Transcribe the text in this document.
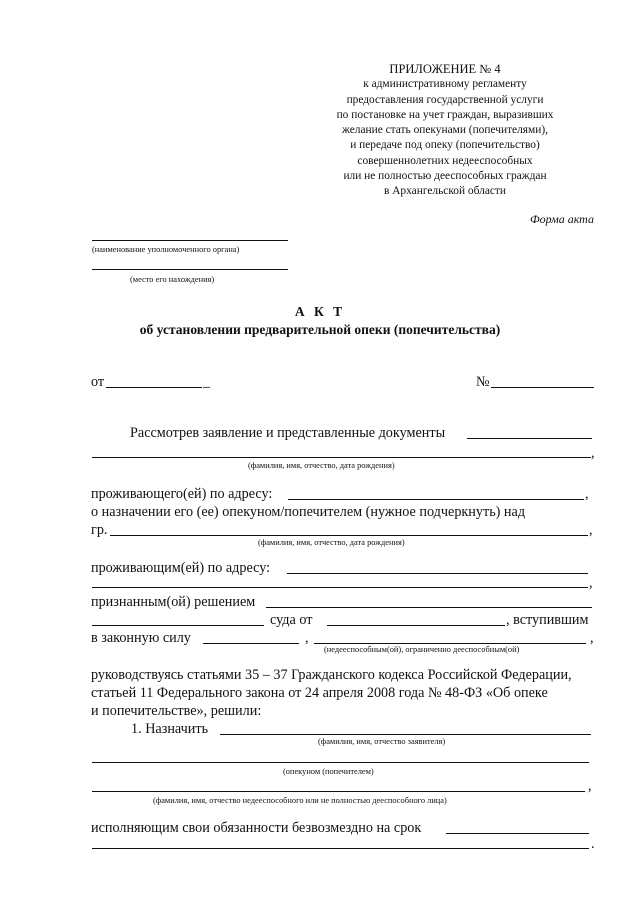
ПРИЛОЖЕНИЕ № 4
к административному регламенту
предоставления государственной услуги
по постановке на учет граждан, выразивших
желание стать опекунами (попечителями),
и передаче под опеку (попечительство)
совершеннолетних недееспособных
или не полностью дееспособных граждан
в Архангельской области
Форма акта
(наименование уполномоченного органа)
(место его нахождения)
А К Т
об установлении предварительной опеки (попечительства)
от	_	№
Рассмотрев заявление и представленные документы
,
(фамилия, имя, отчество, дата рождения)
проживающего(ей) по адресу:	,
о назначении его (ее) опекуном/попечителем (нужное подчеркнуть) над
гр.	,
(фамилия, имя, отчество, дата рождения)
проживающим(ей) по адресу:
,
признанным(ой) решением
суда от	, вступившим
в законную силу	,	,
(недееспособным(ой), ограниченно дееспособным(ой)
руководствуясь статьями 35 – 37 Гражданского кодекса Российской Федерации,
статьей 11 Федерального закона от 24 апреля 2008 года № 48-ФЗ «Об опеке
и попечительстве», решили:
1. Назначить
(фамилия, имя, отчество заявителя)
(опекуном (попечителем)
,
(фамилия, имя, отчество недееспособного или не полностью дееспособного лица)
исполняющим свои обязанности безвозмездно на срок
.
